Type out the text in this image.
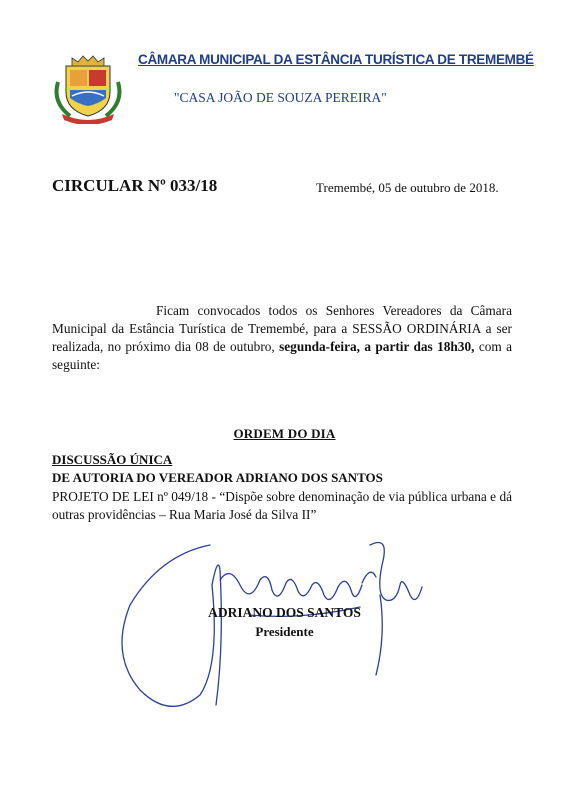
CÂMARA MUNICIPAL DA ESTÂNCIA TURÍSTICA DE TREMEMBÉ
"CASA JOÃO DE SOUZA PEREIRA"
CIRCULAR Nº 033/18	Tremembé, 05 de outubro de 2018.
Ficam convocados todos os Senhores Vereadores da Câmara Municipal da Estância Turística de Tremembé, para a SESSÃO ORDINÁRIA a ser realizada, no próximo dia 08 de outubro, segunda-feira, a partir das 18h30, com a seguinte:
ORDEM DO DIA
DISCUSSÃO ÚNICA
DE AUTORIA DO VEREADOR ADRIANO DOS SANTOS
PROJETO DE LEI nº 049/18 - “Dispõe sobre denominação de via pública urbana e dá outras providências – Rua Maria José da Silva II”
ADRIANO DOS SANTOS
Presidente
